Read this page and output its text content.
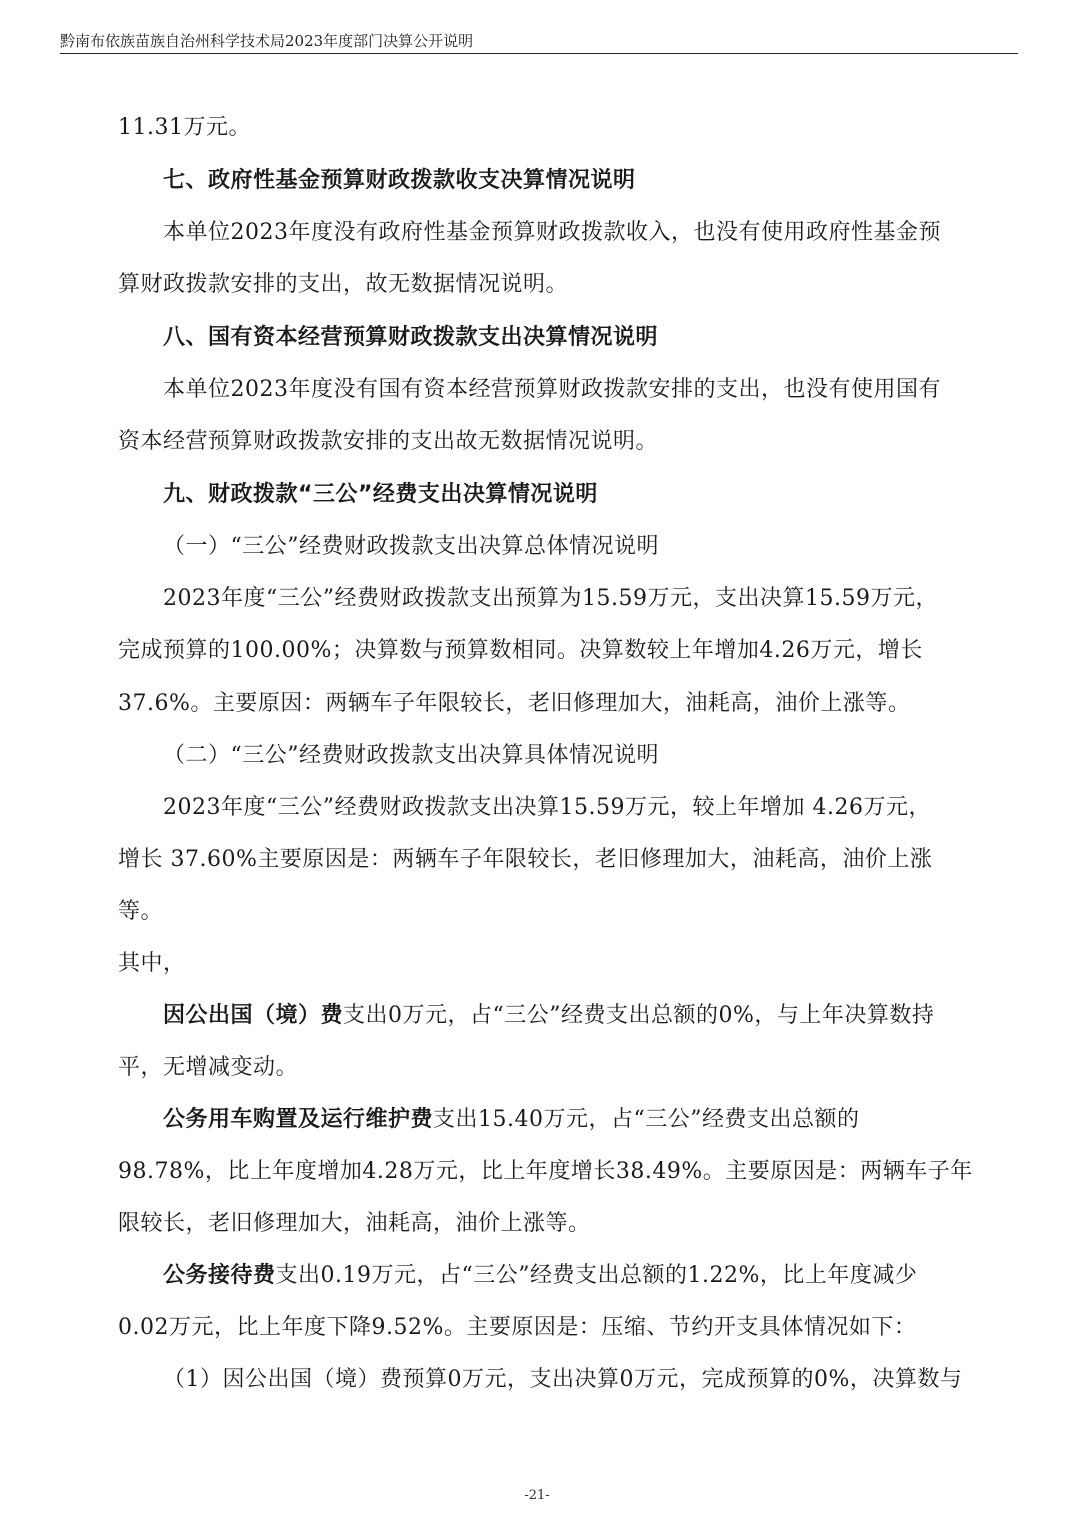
黔南布依族苗族自治州科学技术局2023年度部门决算公开说明
11.31万元。
七、政府性基金预算财政拨款收支决算情况说明
本单位2023年度没有政府性基金预算财政拨款收入，也没有使用政府性基金预
算财政拨款安排的支出，故无数据情况说明。
八、国有资本经营预算财政拨款支出决算情况说明
本单位2023年度没有国有资本经营预算财政拨款安排的支出，也没有使用国有
资本经营预算财政拨款安排的支出故无数据情况说明。
九、财政拨款“三公”经费支出决算情况说明
（一）“三公”经费财政拨款支出决算总体情况说明
2023年度“三公”经费财政拨款支出预算为15.59万元，支出决算15.59万元，
完成预算的100.00%；决算数与预算数相同。决算数较上年增加4.26万元，增长
37.6%。主要原因：两辆车子年限较长，老旧修理加大，油耗高，油价上涨等。
（二）“三公”经费财政拨款支出决算具体情况说明
2023年度“三公”经费财政拨款支出决算15.59万元，较上年增加 4.26万元，
增长 37.60%主要原因是：两辆车子年限较长，老旧修理加大，油耗高，油价上涨
等。
其中，
因公出国（境）费支出0万元，占“三公”经费支出总额的0%，与上年决算数持
平，无增减变动。
公务用车购置及运行维护费支出15.40万元，占“三公”经费支出总额的
98.78%，比上年度增加4.28万元，比上年度增长38.49%。主要原因是：两辆车子年
限较长，老旧修理加大，油耗高，油价上涨等。
公务接待费支出0.19万元，占“三公”经费支出总额的1.22%，比上年度减少
0.02万元，比上年度下降9.52%。主要原因是：压缩、节约开支具体情况如下：
（1）因公出国（境）费预算0万元，支出决算0万元，完成预算的0%，决算数与
-21-
